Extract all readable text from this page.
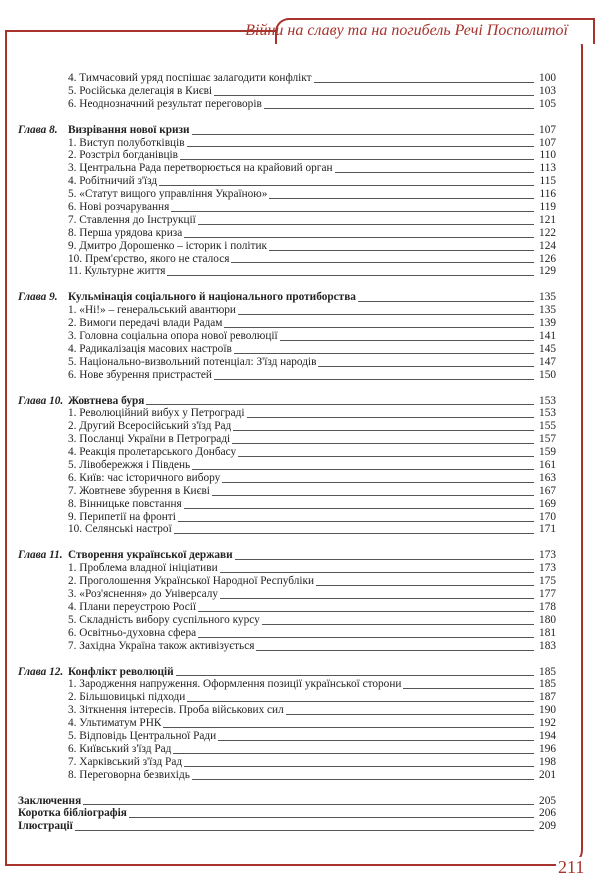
Війни на славу та на погибель Речі Посполитої
4. Тимчасовий уряд поспішає залагодити конфлікт	100
5. Російська делегація в Києві	103
6. Неоднозначний результат переговорів	105
Глава 8. Визрівання нової кризи	107
1. Виступ полуботківців	107
2. Розстріл богданівців	110
3. Центральна Рада перетворюється на крайовий орган	113
4. Робітничий з'їзд	115
5. «Статут вищого управління Україною»	116
6. Нові розчарування	119
7. Ставлення до Інструкції	121
8. Перша урядова криза	122
9. Дмитро Дорошенко – історик і політик	124
10. Прем'єрство, якого не сталося	126
11. Культурне життя	129
Глава 9. Кульмінація соціального й національного протиборства	135
1. «Ні!» – генеральський авантюри	135
2. Вимоги передачі влади Радам	139
3. Головна соціальна опора нової революції	141
4. Радикалізація масових настроїв	145
5. Національно-визвольний потенціал: З'їзд народів	147
6. Нове збурення пристрастей	150
Глава 10. Жовтнева буря	153
1. Революційний вибух у Петрограді	153
2. Другий Всеросійський з'їзд Рад	155
3. Посланці України в Петрограді	157
4. Реакція пролетарського Донбасу	159
5. Лівобережжя і Південь	161
6. Київ: час історичного вибору	163
7. Жовтневе збурення в Києві	167
8. Вінницьке повстання	169
9. Перипетії на фронті	170
10. Селянські настрої	171
Глава 11. Створення української держави	173
1. Проблема владної ініціативи	173
2. Проголошення Української Народної Республіки	175
3. «Роз'яснення» до Універсалу	177
4. Плани переустрою Росії	178
5. Складність вибору суспільного курсу	180
6. Освітньо-духовна сфера	181
7. Західна Україна також активізується	183
Глава 12. Конфлікт революцій	185
1. Зародження напруження. Оформлення позиції української сторони	185
2. Більшовицькі підходи	187
3. Зіткнення інтересів. Проба військових сил	190
4. Ультиматум РНК	192
5. Відповідь Центральної Ради	194
6. Київський з'їзд Рад	196
7. Харківський з'їзд Рад	198
8. Переговорна безвихідь	201
Заключення	205
Коротка бібліографія	206
Ілюстрації	209
211
